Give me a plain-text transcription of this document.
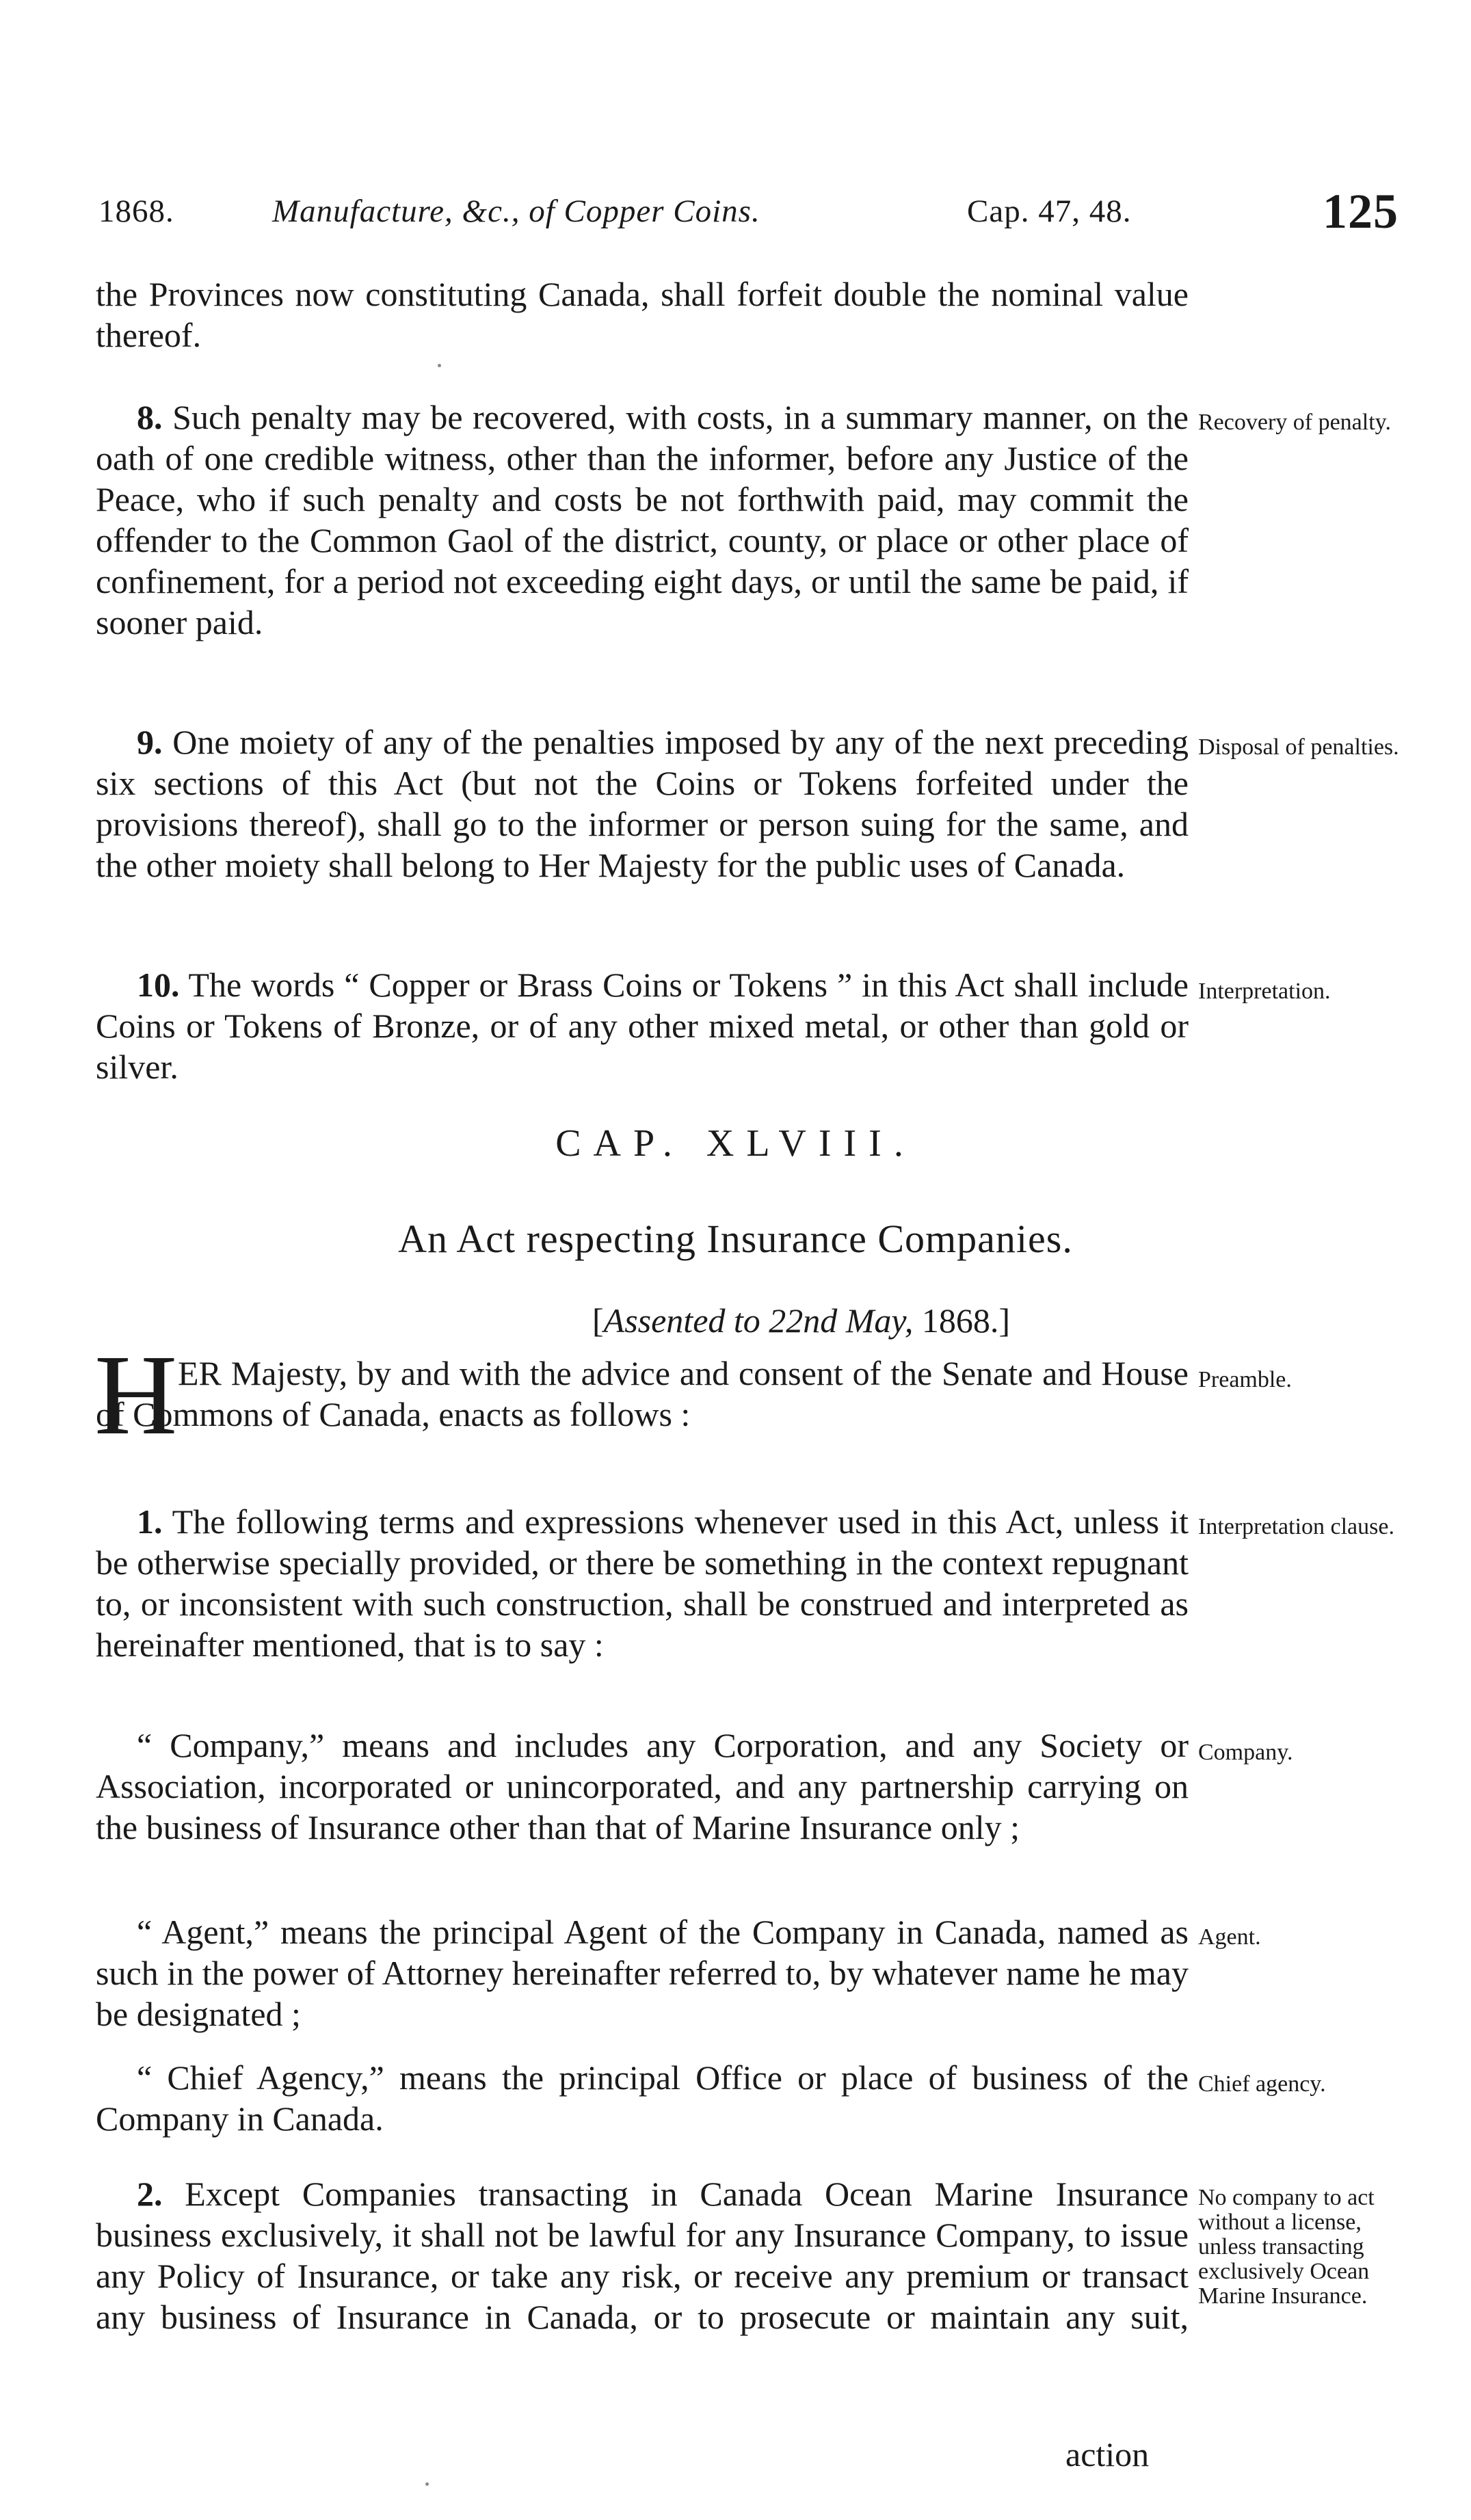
1868.	Manufacture, &c., of Copper Coins.	Cap. 47, 48.	125

the Provinces now constituting Canada, shall forfeit double the nominal value thereof.

8. Such penalty may be recovered, with costs, in a summary manner, on the oath of one credible witness, other than the informer, before any Justice of the Peace, who if such penalty and costs be not forthwith paid, may commit the offender to the Common Gaol of the district, county, or place or other place of confinement, for a period not exceeding eight days, or until the same be paid, if sooner paid.

Recovery of penalty.

9. One moiety of any of the penalties imposed by any of the next preceding six sections of this Act (but not the Coins or Tokens forfeited under the provisions thereof), shall go to the informer or person suing for the same, and the other moiety shall belong to Her Majesty for the public uses of Canada.

Disposal of penalties.

10. The words “ Copper or Brass Coins or Tokens ” in this Act shall include Coins or Tokens of Bronze, or of any other mixed metal, or other than gold or silver.

Interpretation.
CAP. XLVIII.
An Act respecting Insurance Companies.
[Assented to 22nd May, 1868.]
H ER Majesty, by and with the advice and consent of the Senate and House of Commons of Canada, enacts as follows :

Preamble.

1. The following terms and expressions whenever used in this Act, unless it be otherwise specially provided, or there be something in the context repugnant to, or inconsistent with such construction, shall be construed and interpreted as hereinafter mentioned, that is to say :

Interpretation clause.

“ Company,” means and includes any Corporation, and any Society or Association, incorporated or unincorporated, and any partnership carrying on the business of Insurance other than that of Marine Insurance only ;

Company.

“ Agent,” means the principal Agent of the Company in Canada, named as such in the power of Attorney hereinafter referred to, by whatever name he may be designated ;

Agent.

“ Chief Agency,” means the principal Office or place of business of the Company in Canada.

Chief agency.

2. Except Companies transacting in Canada Ocean Marine Insurance business exclusively, it shall not be lawful for any Insurance Company, to issue any Policy of Insurance, or take any risk, or receive any premium or transact any business of Insurance in Canada, or to prosecute or maintain any suit,

No company to act without a license, unless transacting exclusively Ocean Marine Insurance.
action
